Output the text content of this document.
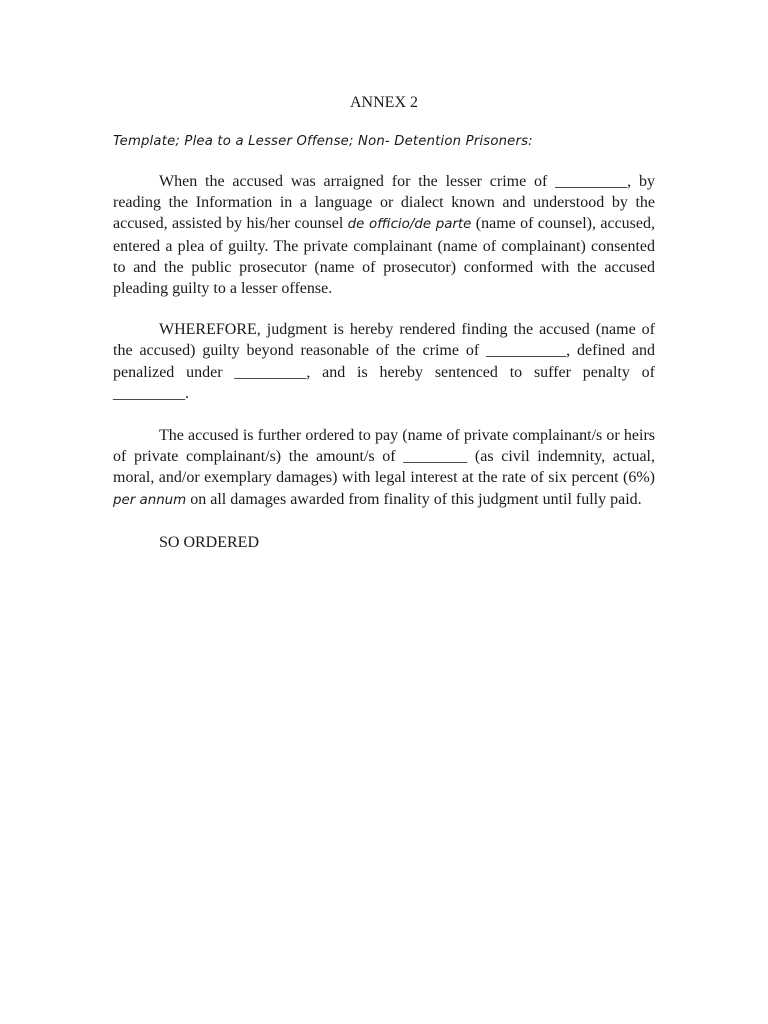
ANNEX 2

Template; Plea to a Lesser Offense; Non- Detention Prisoners:

When the accused was arraigned for the lesser crime of _________, by reading the Information in a language or dialect known and understood by the accused, assisted by his/her counsel de officio/de parte (name of counsel), accused, entered a plea of guilty. The private complainant (name of complainant) consented to and the public prosecutor (name of prosecutor) conformed with the accused pleading guilty to a lesser offense.

WHEREFORE, judgment is hereby rendered finding the accused (name of the accused) guilty beyond reasonable of the crime of __________, defined and penalized under _________, and is hereby sentenced to suffer penalty of _________.

The accused is further ordered to pay (name of private complainant/s or heirs of private complainant/s) the amount/s of ________ (as civil indemnity, actual, moral, and/or exemplary damages) with legal interest at the rate of six percent (6%) per annum on all damages awarded from finality of this judgment until fully paid.

SO ORDERED
